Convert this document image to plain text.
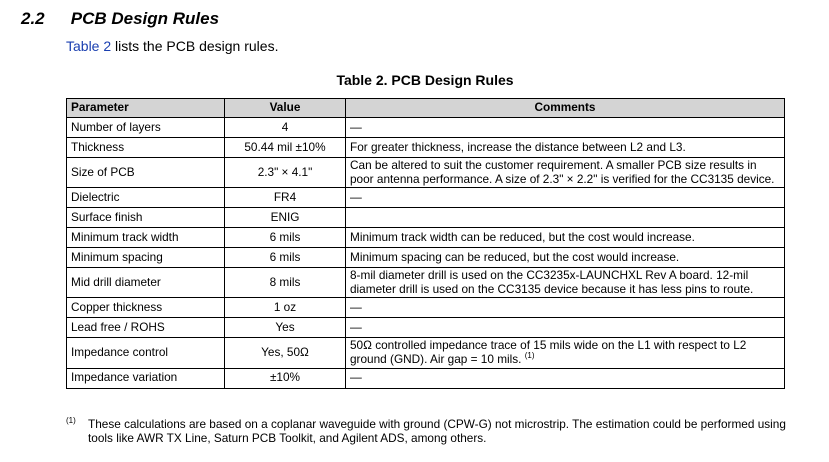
2.2 PCB Design Rules
Table 2 lists the PCB design rules.
Table 2. PCB Design Rules
Parameter	Value	Comments
Number of layers	4	—
Thickness	50.44 mil ±10%	For greater thickness, increase the distance between L2 and L3.
Size of PCB	2.3" × 4.1"	Can be altered to suit the customer requirement. A smaller PCB size results in poor antenna performance. A size of 2.3" × 2.2" is verified for the CC3135 device.
Dielectric	FR4	—
Surface finish	ENIG	
Minimum track width	6 mils	Minimum track width can be reduced, but the cost would increase.
Minimum spacing	6 mils	Minimum spacing can be reduced, but the cost would increase.
Mid drill diameter	8 mils	8-mil diameter drill is used on the CC3235x-LAUNCHXL Rev A board. 12-mil diameter drill is used on the CC3135 device because it has less pins to route.
Copper thickness	1 oz	—
Lead free / ROHS	Yes	—
Impedance control	Yes, 50Ω	50Ω controlled impedance trace of 15 mils wide on the L1 with respect to L2 ground (GND). Air gap = 10 mils. $^{(1)}$
Impedance variation	±10%	—
(1) These calculations are based on a coplanar waveguide with ground (CPW-G) not microstrip. The estimation could be performed using tools like AWR TX Line, Saturn PCB Toolkit, and Agilent ADS, among others.
